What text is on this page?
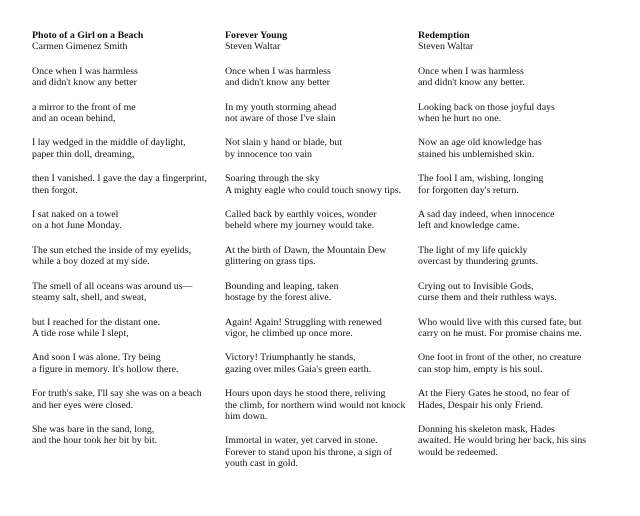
Photo of a Girl on a Beach
Carmen Gimenez Smith
Once when I was harmless
and didn't know any better
a mirror to the front of me
and an ocean behind,
I lay wedged in the middle of daylight,
paper thin doll, dreaming,
then I vanished. I gave the day a fingerprint,
then forgot.
I sat naked on a towel
on a hot June Monday.
The sun etched the inside of my eyelids,
while a boy dozed at my side.
The smell of all oceans was around us—
steamy salt, shell, and sweat,
but I reached for the distant one.
A tide rose while I slept,
And soon I was alone. Try being
a figure in memory. It's hollow there.
For truth's sake, I'll say she was on a beach
and her eyes were closed.
She was bare in the sand, long,
and the hour took her bit by bit.
Forever Young
Steven Waltar
Once when I was harmless
and didn't know any better
In my youth storming ahead
not aware of those I've slain
Not slain y hand or blade, but
by innocence too vain
Soaring through the sky
A mighty eagle who could touch snowy tips.
Called back by earthly voices, wonder
beheld where my journey would take.
At the birth of Dawn, the Mountain Dew
glittering on grass tips.
Bounding and leaping, taken
hostage by the forest alive.
Again! Again! Struggling with renewed
vigor, he climbed up once more.
Victory! Triumphantly he stands,
gazing over miles Gaia's green earth.
Hours upon days he stood there, reliving
the climb, for northern wind would not knock
him down.
Immortal in water, yet carved in stone.
Forever to stand upon his throne, a sign of
youth cast in gold.
Redemption
Steven Waltar
Once when I was harmless
and didn't know any better.
Looking back on those joyful days
when he hurt no one.
Now an age old knowledge has
stained his unblemished skin.
The fool I am, wishing, longing
for forgotten day's return.
A sad day indeed, when innocence
left and knowledge came.
The light of my life quickly
overcast by thundering grunts.
Crying out to Invisible Gods,
curse them and their ruthless ways.
Who would live with this cursed fate, but
carry on he must. For promise chains me.
One foot in front of the other, no creature
can stop him, empty is his soul.
At the Fiery Gates he stood, no fear of
Hades, Despair his only Friend.
Donning his skeleton mask, Hades
awaited. He would bring her back, his sins
would be redeemed.
